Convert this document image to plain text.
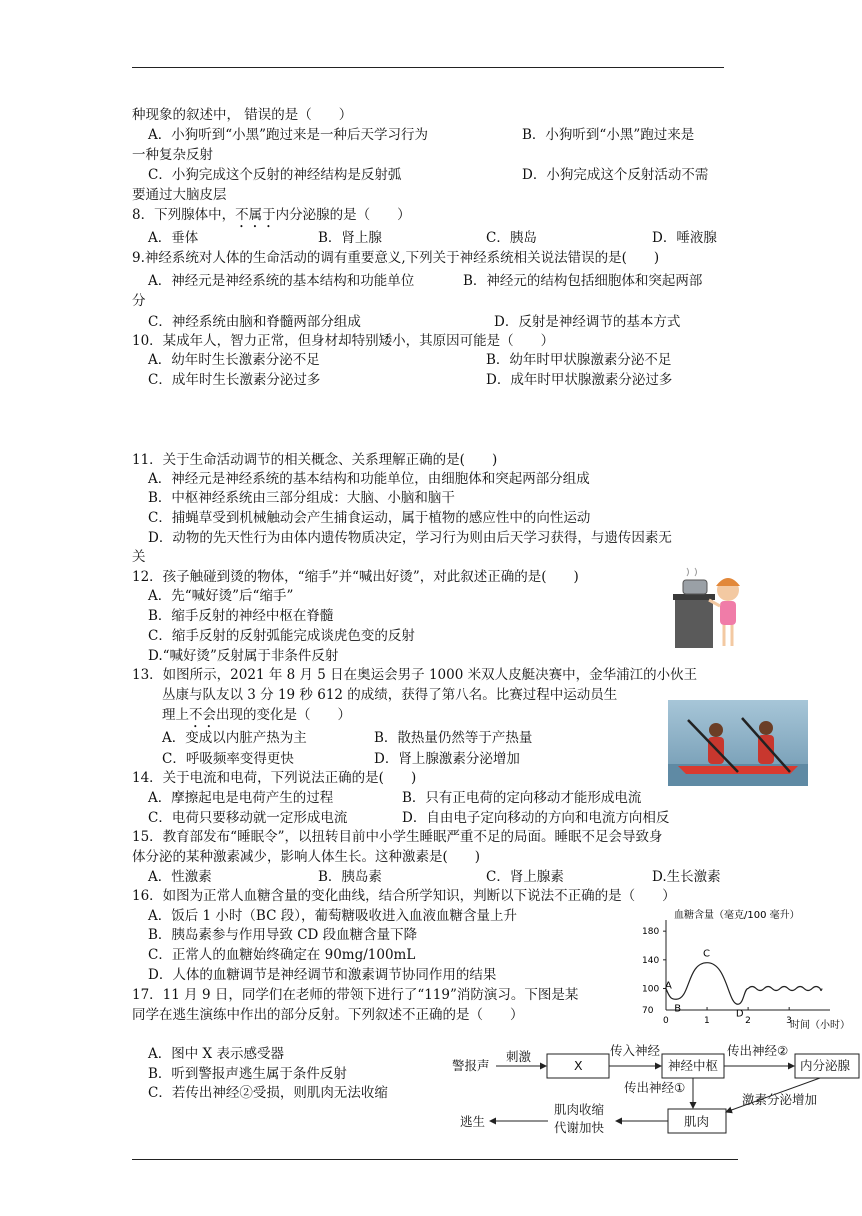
种现象的叙述中， 错误的是（　　）
A．小狗听到“小黑”跑过来是一种后天学习行为	B．小狗听到“小黑”跑过来是
一种复杂反射
C．小狗完成这个反射的神经结构是反射弧	D．小狗完成这个反射活动不需
要通过大脑皮层
8．下列腺体中，不属于内分泌腺的是（　　）
A．垂体	B．肾上腺	C．胰岛	D．唾液腺
9.神经系统对人体的生命活动的调有重要意义,下列关于神经系统相关说法错误的是(　　)
A．神经元是神经系统的基本结构和功能单位	B．神经元的结构包括细胞体和突起两部
分
C．神经系统由脑和脊髓两部分组成	D．反射是神经调节的基本方式
10．某成年人，智力正常，但身材却特别矮小，其原因可能是（　　）
A．幼年时生长激素分泌不足	B．幼年时甲状腺激素分泌不足
C．成年时生长激素分泌过多	D．成年时甲状腺激素分泌过多
11．关于生命活动调节的相关概念、关系理解正确的是(　　)
A．神经元是神经系统的基本结构和功能单位，由细胞体和突起两部分组成
B．中枢神经系统由三部分组成：大脑、小脑和脑干
C．捕蝇草受到机械触动会产生捕食运动，属于植物的感应性中的向性运动
D．动物的先天性行为由体内遗传物质决定，学习行为则由后天学习获得，与遗传因素无
关
12．孩子触碰到烫的物体，“缩手”并“喊出好烫”，对此叙述正确的是(　　)
A．先“喊好烫”后“缩手”
B．缩手反射的神经中枢在脊髓
C．缩手反射的反射弧能完成谈虎色变的反射
D.“喊好烫”反射属于非条件反射
13．如图所示，2021 年 8 月 5 日在奥运会男子 1000 米双人皮艇决赛中，金华浦江的小伙王
丛康与队友以 3 分 19 秒 612 的成绩，获得了第八名。比赛过程中运动员生
理上不会出现的变化是（　　）
A．变成以内脏产热为主	B．散热量仍然等于产热量
C．呼吸频率变得更快	D．肾上腺激素分泌增加
14．关于电流和电荷，下列说法正确的是(　　)
A．摩擦起电是电荷产生的过程	B．只有正电荷的定向移动才能形成电流
C．电荷只要移动就一定形成电流	D．自由电子定向移动的方向和电流方向相反
15．教育部发布“睡眠令”，以扭转目前中小学生睡眠严重不足的局面。睡眠不足会导致身
体分泌的某种激素减少，影响人体生长。这种激素是(　　)
A．性激素	B．胰岛素	C．肾上腺素	D.生长激素
16．如图为正常人血糖含量的变化曲线，结合所学知识，判断以下说法不正确的是（　　）
A．饭后 1 小时（BC 段），葡萄糖吸收进入血液血糖含量上升
B．胰岛素参与作用导致 CD 段血糖含量下降
C．正常人的血糖始终确定在 90mg/100mL
D．人体的血糖调节是神经调节和激素调节协同作用的结果
血糖含量（毫克/100 毫升）
时间（小时）
70
100
140
180
0	1	2	3
A
B
C
D
17．11 月 9 日，同学们在老师的带领下进行了“119”消防演习。下图是某
同学在逃生演练中作出的部分反射。下列叙述不正确的是（　　）
A．图中 X 表示感受器
B．听到警报声逃生属于条件反射
C．若传出神经②受损，则肌肉无法收缩
警报声
刺激
X
传入神经
神经中枢
传出神经②
内分泌腺
传出神经①
激素分泌增加
肌肉
肌肉收缩
代谢加快
逃生
